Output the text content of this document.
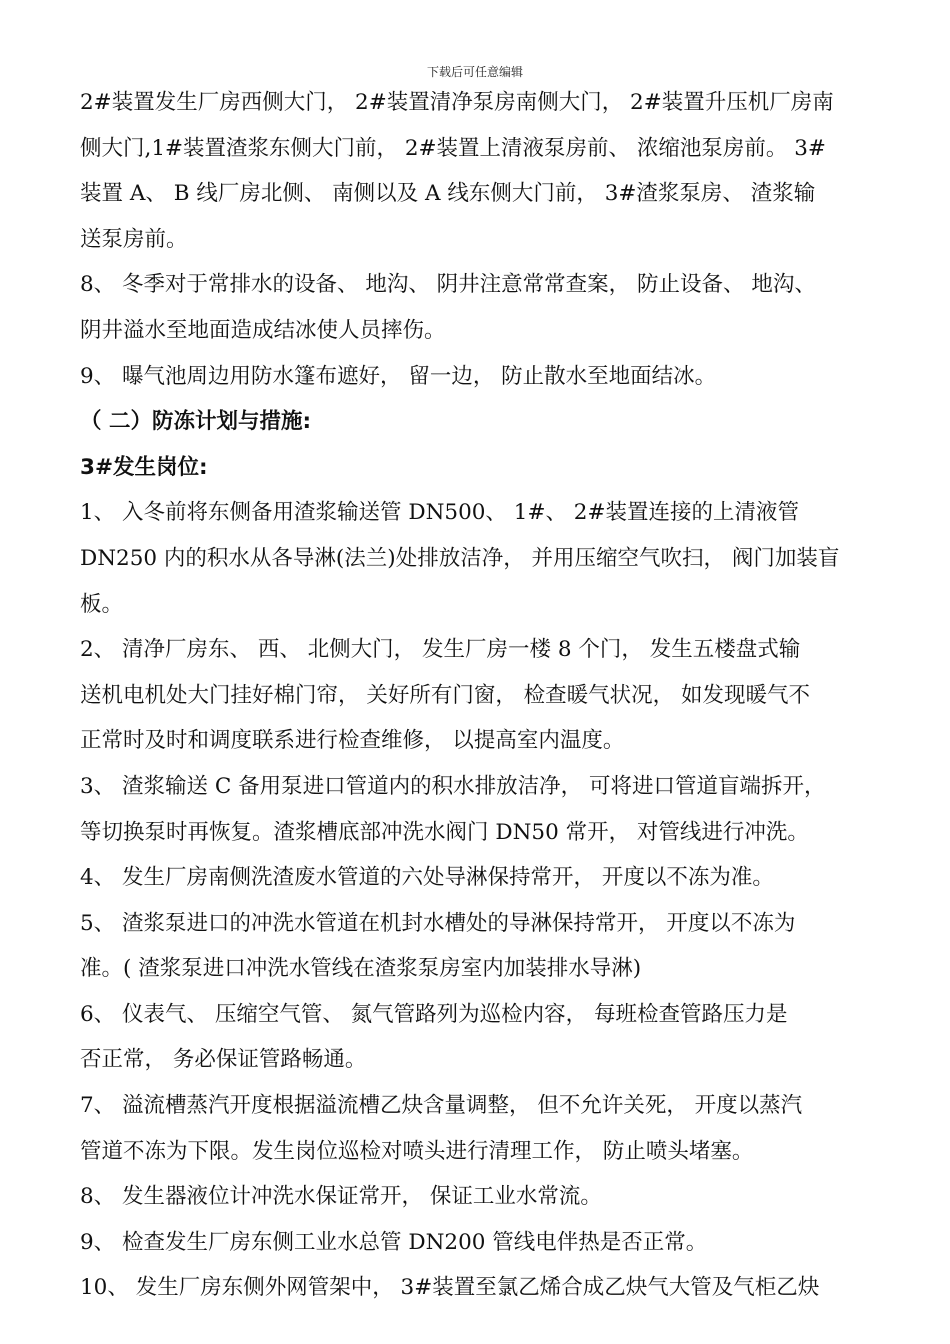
下载后可任意编辑
2#装置发生厂房西侧大门， 2#装置清净泵房南侧大门， 2#装置升压机厂房南
侧大门,1#装置渣浆东侧大门前， 2#装置上清液泵房前、 浓缩池泵房前。 3#
装置 A、 B 线厂房北侧、 南侧以及 A 线东侧大门前， 3#渣浆泵房、 渣浆输
送泵房前。
8、 冬季对于常排水的设备、 地沟、 阴井注意常常查案， 防止设备、 地沟、
阴井溢水至地面造成结冰使人员摔伤。
9、 曝气池周边用防水篷布遮好， 留一边， 防止散水至地面结冰。
（ 二）防冻计划与措施:
3#发生岗位:
1、 入冬前将东侧备用渣浆输送管 DN500、 1#、 2#装置连接的上清液管
DN250 内的积水从各导淋(法兰)处排放洁净， 并用压缩空气吹扫， 阀门加装盲
板。
2、 清净厂房东、 西、 北侧大门， 发生厂房一楼 8 个门， 发生五楼盘式输
送机电机处大门挂好棉门帘， 关好所有门窗， 检查暖气状况， 如发现暖气不
正常时及时和调度联系进行检查维修， 以提高室内温度。
3、 渣浆输送 C 备用泵进口管道内的积水排放洁净， 可将进口管道盲端拆开，
等切换泵时再恢复。渣浆槽底部冲洗水阀门 DN50 常开， 对管线进行冲洗。
4、 发生厂房南侧洗渣废水管道的六处导淋保持常开， 开度以不冻为准。
5、 渣浆泵进口的冲洗水管道在机封水槽处的导淋保持常开， 开度以不冻为
准。( 渣浆泵进口冲洗水管线在渣浆泵房室内加装排水导淋)
6、 仪表气、 压缩空气管、 氮气管路列为巡检内容， 每班检查管路压力是
否正常， 务必保证管路畅通。
7、 溢流槽蒸汽开度根据溢流槽乙炔含量调整， 但不允许关死， 开度以蒸汽
管道不冻为下限。发生岗位巡检对喷头进行清理工作， 防止喷头堵塞。
8、 发生器液位计冲洗水保证常开， 保证工业水常流。
9、 检查发生厂房东侧工业水总管 DN200 管线电伴热是否正常。
10、 发生厂房东侧外网管架中， 3#装置至氯乙烯合成乙炔气大管及气柜乙炔
